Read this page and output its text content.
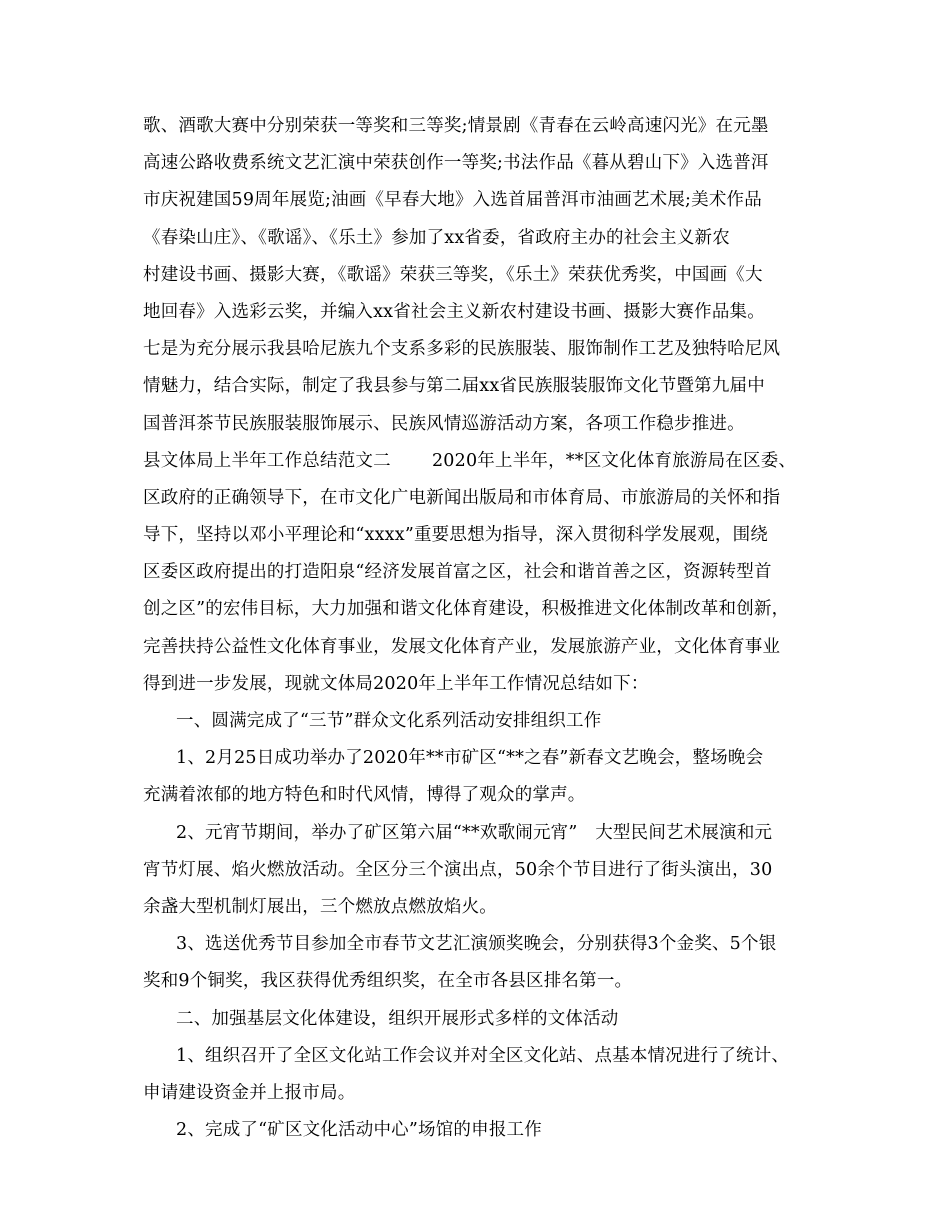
歌、酒歌大赛中分别荣获一等奖和三等奖;情景剧《青春在云岭高速闪光》在元墨
高速公路收费系统文艺汇演中荣获创作一等奖;书法作品《暮从碧山下》入选普洱
市庆祝建国59周年展览;油画《早春大地》入选首届普洱市油画艺术展;美术作品
《春染山庄》、《歌谣》、《乐土》参加了xx省委，省政府主办的社会主义新农
村建设书画、摄影大赛，《歌谣》荣获三等奖，《乐土》荣获优秀奖，中国画《大
地回春》入选彩云奖，并编入xx省社会主义新农村建设书画、摄影大赛作品集。
七是为充分展示我县哈尼族九个支系多彩的民族服装、服饰制作工艺及独特哈尼风
情魅力，结合实际，制定了我县参与第二届xx省民族服装服饰文化节暨第九届中
国普洱茶节民族服装服饰展示、民族风情巡游活动方案，各项工作稳步推进。
县文体局上半年工作总结范文二　　 2020年上半年，**区文化体育旅游局在区委、
区政府的正确领导下，在市文化广电新闻出版局和市体育局、市旅游局的关怀和指
导下，坚持以邓小平理论和“xxxx”重要思想为指导，深入贯彻科学发展观，围绕
区委区政府提出的打造阳泉“经济发展首富之区，社会和谐首善之区，资源转型首
创之区”的宏伟目标，大力加强和谐文化体育建设，积极推进文化体制改革和创新，
完善扶持公益性文化体育事业，发展文化体育产业，发展旅游产业，文化体育事业
得到进一步发展，现就文体局2020年上半年工作情况总结如下：
一、圆满完成了“三节”群众文化系列活动安排组织工作
1、2月25日成功举办了2020年**市矿区“**之春”新春文艺晚会，整场晚会
充满着浓郁的地方特色和时代风情，博得了观众的掌声。
2、元宵节期间，举办了矿区第六届“**欢歌闹元宵”　大型民间艺术展演和元
宵节灯展、焰火燃放活动。全区分三个演出点，50余个节目进行了街头演出，30
余盏大型机制灯展出，三个燃放点燃放焰火。
3、选送优秀节目参加全市春节文艺汇演颁奖晚会，分别获得3个金奖、5个银
奖和9个铜奖，我区获得优秀组织奖，在全市各县区排名第一。
二、加强基层文化体建设，组织开展形式多样的文体活动
1、组织召开了全区文化站工作会议并对全区文化站、点基本情况进行了统计、
申请建设资金并上报市局。
2、完成了“矿区文化活动中心”场馆的申报工作
